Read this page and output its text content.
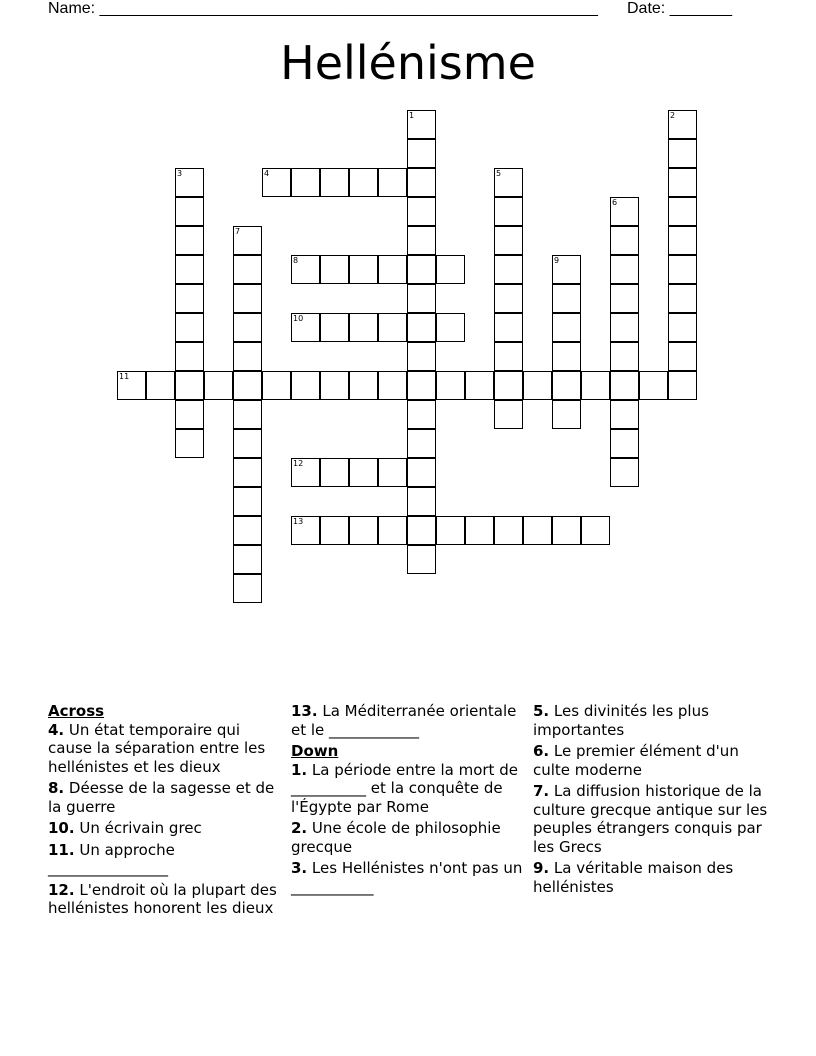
Name: ________________________________________________________ Date: _______
Hellénisme
1	2
3	4	5
6
7
8	9
10
11
12
13
Across
4. Un état temporaire qui cause la séparation entre les hellénistes et les dieux
8. Déesse de la sagesse et de la guerre
10. Un écrivain grec
11. Un approche ________________
12. L'endroit où la plupart des hellénistes honorent les dieux
13. La Méditerranée orientale et le ____________
Down
1. La période entre la mort de __________ et la conquête de l'Égypte par Rome
2. Une école de philosophie grecque
3. Les Hellénistes n'ont pas un ___________
5. Les divinités les plus importantes
6. Le premier élément d'un culte moderne
7. La diffusion historique de la culture grecque antique sur les peuples étrangers conquis par les Grecs
9. La véritable maison des hellénistes
